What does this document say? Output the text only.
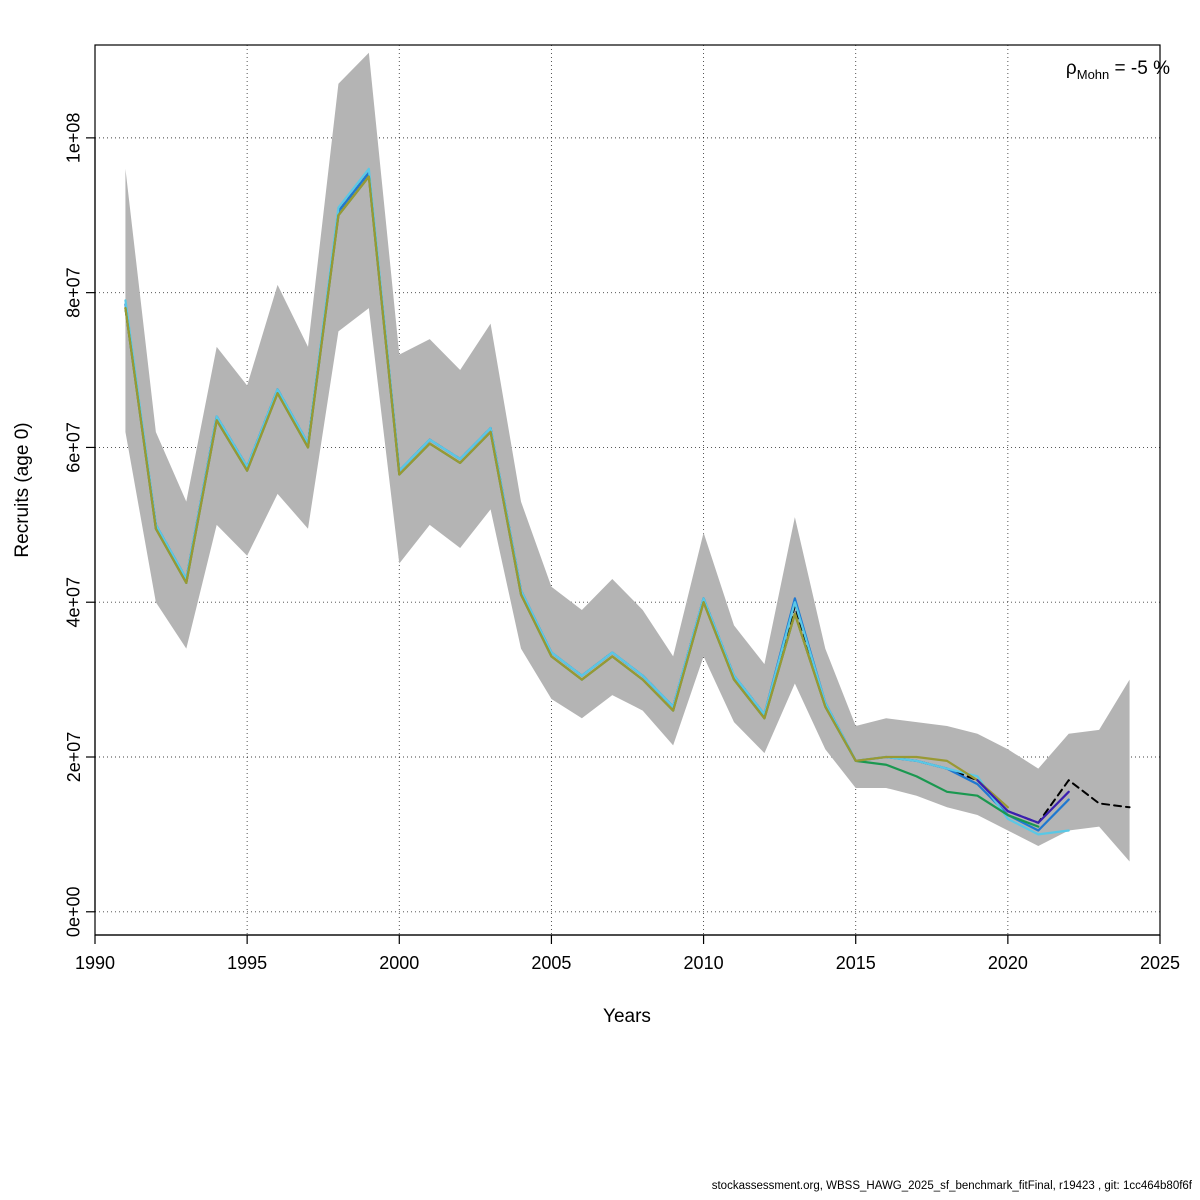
1990	1995	2000	2005	2010	2015	2020	2025
0e+00
2e+07
4e+07
6e+07
8e+07
1e+08
Years
Recruits (age 0)
$\rho_{Mohn} = -5$ %
stockassessment.org, WBSS_HAWG_2025_sf_benchmark_fitFinal, r19423 , git: 1cc464b80f6f
